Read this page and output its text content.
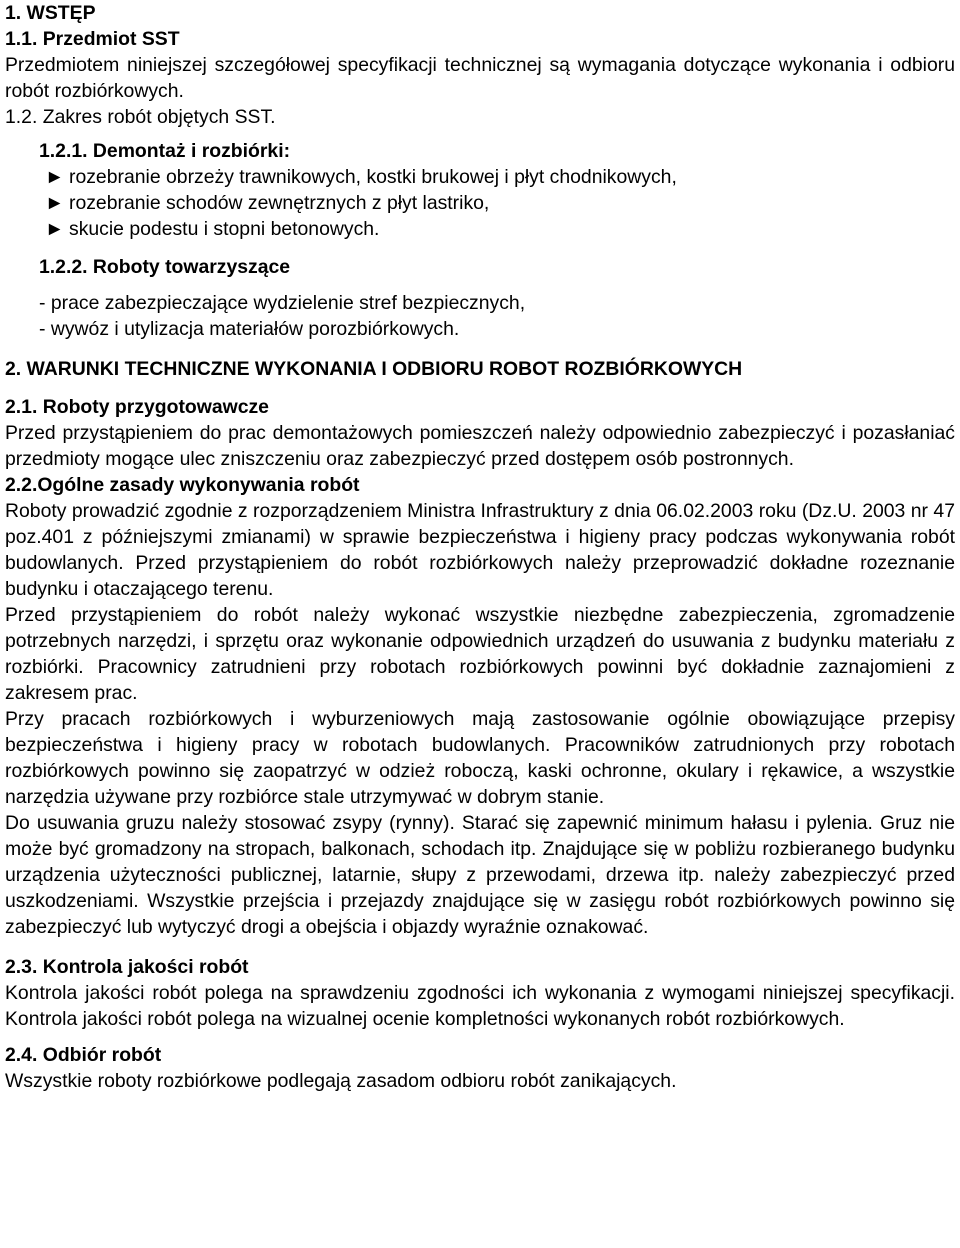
1. WSTĘP
1.1. Przedmiot SST

Przedmiotem niniejszej szczegółowej specyfikacji technicznej są wymagania dotyczące wykonania i odbioru robót rozbiórkowych.

1.2. Zakres robót objętych SST.
1.2.1. Demontaż i rozbiórki:
► rozebranie obrzeży trawnikowych, kostki brukowej i płyt chodnikowych,
► rozebranie schodów zewnętrznych z płyt lastriko,
► skucie podestu i stopni betonowych.
1.2.2. Roboty towarzyszące
- prace zabezpieczające wydzielenie stref bezpiecznych,
- wywóz i utylizacja materiałów porozbiórkowych.
2. WARUNKI TECHNICZNE WYKONANIA I ODBIORU ROBOT ROZBIÓRKOWYCH
2.1. Roboty przygotowawcze

Przed przystąpieniem do prac demontażowych pomieszczeń należy odpowiednio zabezpieczyć i pozasłaniać przedmioty mogące ulec zniszczeniu oraz zabezpieczyć przed dostępem osób postronnych.

2.2.Ogólne zasady wykonywania robót

Roboty prowadzić zgodnie z rozporządzeniem Ministra Infrastruktury z dnia 06.02.2003 roku (Dz.U. 2003 nr 47 poz.401 z późniejszymi zmianami) w sprawie bezpieczeństwa i higieny pracy podczas wykonywania robót budowlanych. Przed przystąpieniem do robót rozbiórkowych należy przeprowadzić dokładne rozeznanie budynku i otaczającego terenu.

Przed przystąpieniem do robót należy wykonać wszystkie niezbędne zabezpieczenia, zgromadzenie potrzebnych narzędzi, i sprzętu oraz wykonanie odpowiednich urządzeń do usuwania z budynku materiału z rozbiórki. Pracownicy zatrudnieni przy robotach rozbiórkowych powinni być dokładnie zaznajomieni z zakresem prac.

Przy pracach rozbiórkowych i wyburzeniowych mają zastosowanie ogólnie obowiązujące przepisy bezpieczeństwa i higieny pracy w robotach budowlanych. Pracowników zatrudnionych przy robotach rozbiórkowych powinno się zaopatrzyć w odzież roboczą, kaski ochronne, okulary i rękawice, a wszystkie narzędzia używane przy rozbiórce stale utrzymywać w dobrym stanie.

Do usuwania gruzu należy stosować zsypy (rynny). Starać się zapewnić minimum hałasu i pylenia. Gruz nie może być gromadzony na stropach, balkonach, schodach itp. Znajdujące się w pobliżu rozbieranego budynku urządzenia użyteczności publicznej, latarnie, słupy z przewodami, drzewa itp. należy zabezpieczyć przed uszkodzeniami. Wszystkie przejścia i przejazdy znajdujące się w zasięgu robót rozbiórkowych powinno się zabezpieczyć lub wytyczyć drogi a obejścia i objazdy wyraźnie oznakować.

2.3. Kontrola jakości robót

Kontrola jakości robót polega na sprawdzeniu zgodności ich wykonania z wymogami niniejszej specyfikacji. Kontrola jakości robót polega na wizualnej ocenie kompletności wykonanych robót rozbiórkowych.

2.4. Odbiór robót

Wszystkie roboty rozbiórkowe podlegają zasadom odbioru robót zanikających.
